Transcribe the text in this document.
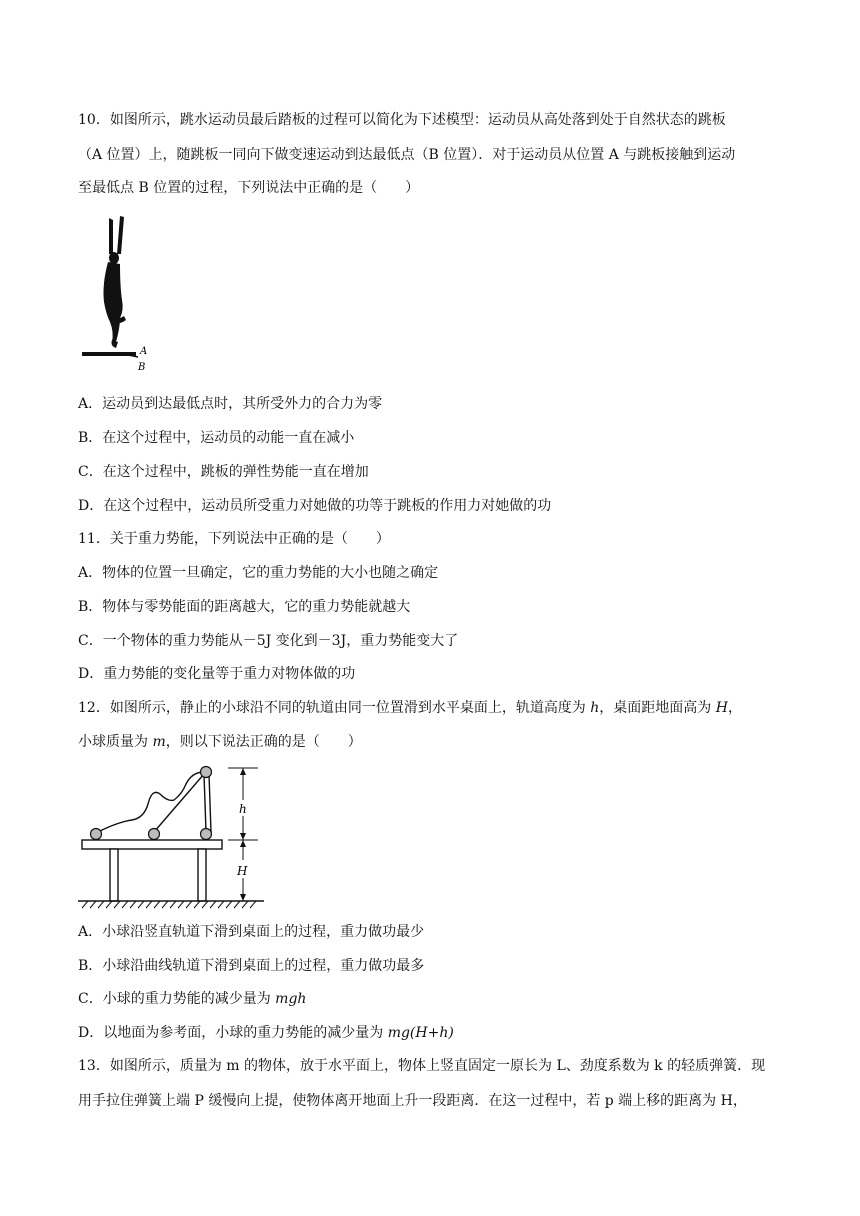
10．如图所示，跳水运动员最后踏板的过程可以简化为下述模型：运动员从高处落到处于自然状态的跳板
（A 位置）上，随跳板一同向下做变速运动到达最低点（B 位置）．对于运动员从位置 A 与跳板接触到运动
至最低点 B 位置的过程，下列说法中正确的是（　　）
A
B
A．运动员到达最低点时，其所受外力的合力为零
B．在这个过程中，运动员的动能一直在减小
C．在这个过程中，跳板的弹性势能一直在增加
D．在这个过程中，运动员所受重力对她做的功等于跳板的作用力对她做的功
11．关于重力势能，下列说法中正确的是（　　）
A．物体的位置一旦确定，它的重力势能的大小也随之确定
B．物体与零势能面的距离越大，它的重力势能就越大
C．一个物体的重力势能从－5J 变化到－3J，重力势能变大了
D．重力势能的变化量等于重力对物体做的功
12．如图所示，静止的小球沿不同的轨道由同一位置滑到水平桌面上，轨道高度为 h，桌面距地面高为 H，
小球质量为 m，则以下说法正确的是（　　）
h
H
A．小球沿竖直轨道下滑到桌面上的过程，重力做功最少
B．小球沿曲线轨道下滑到桌面上的过程，重力做功最多
C．小球的重力势能的减少量为 mgh
D．以地面为参考面，小球的重力势能的减少量为 mg(H+h)
13．如图所示，质量为 m 的物体，放于水平面上，物体上竖直固定一原长为 L、劲度系数为 k 的轻质弹簧．现
用手拉住弹簧上端 P 缓慢向上提，使物体离开地面上升一段距离．在这一过程中，若 p 端上移的距离为 H，
